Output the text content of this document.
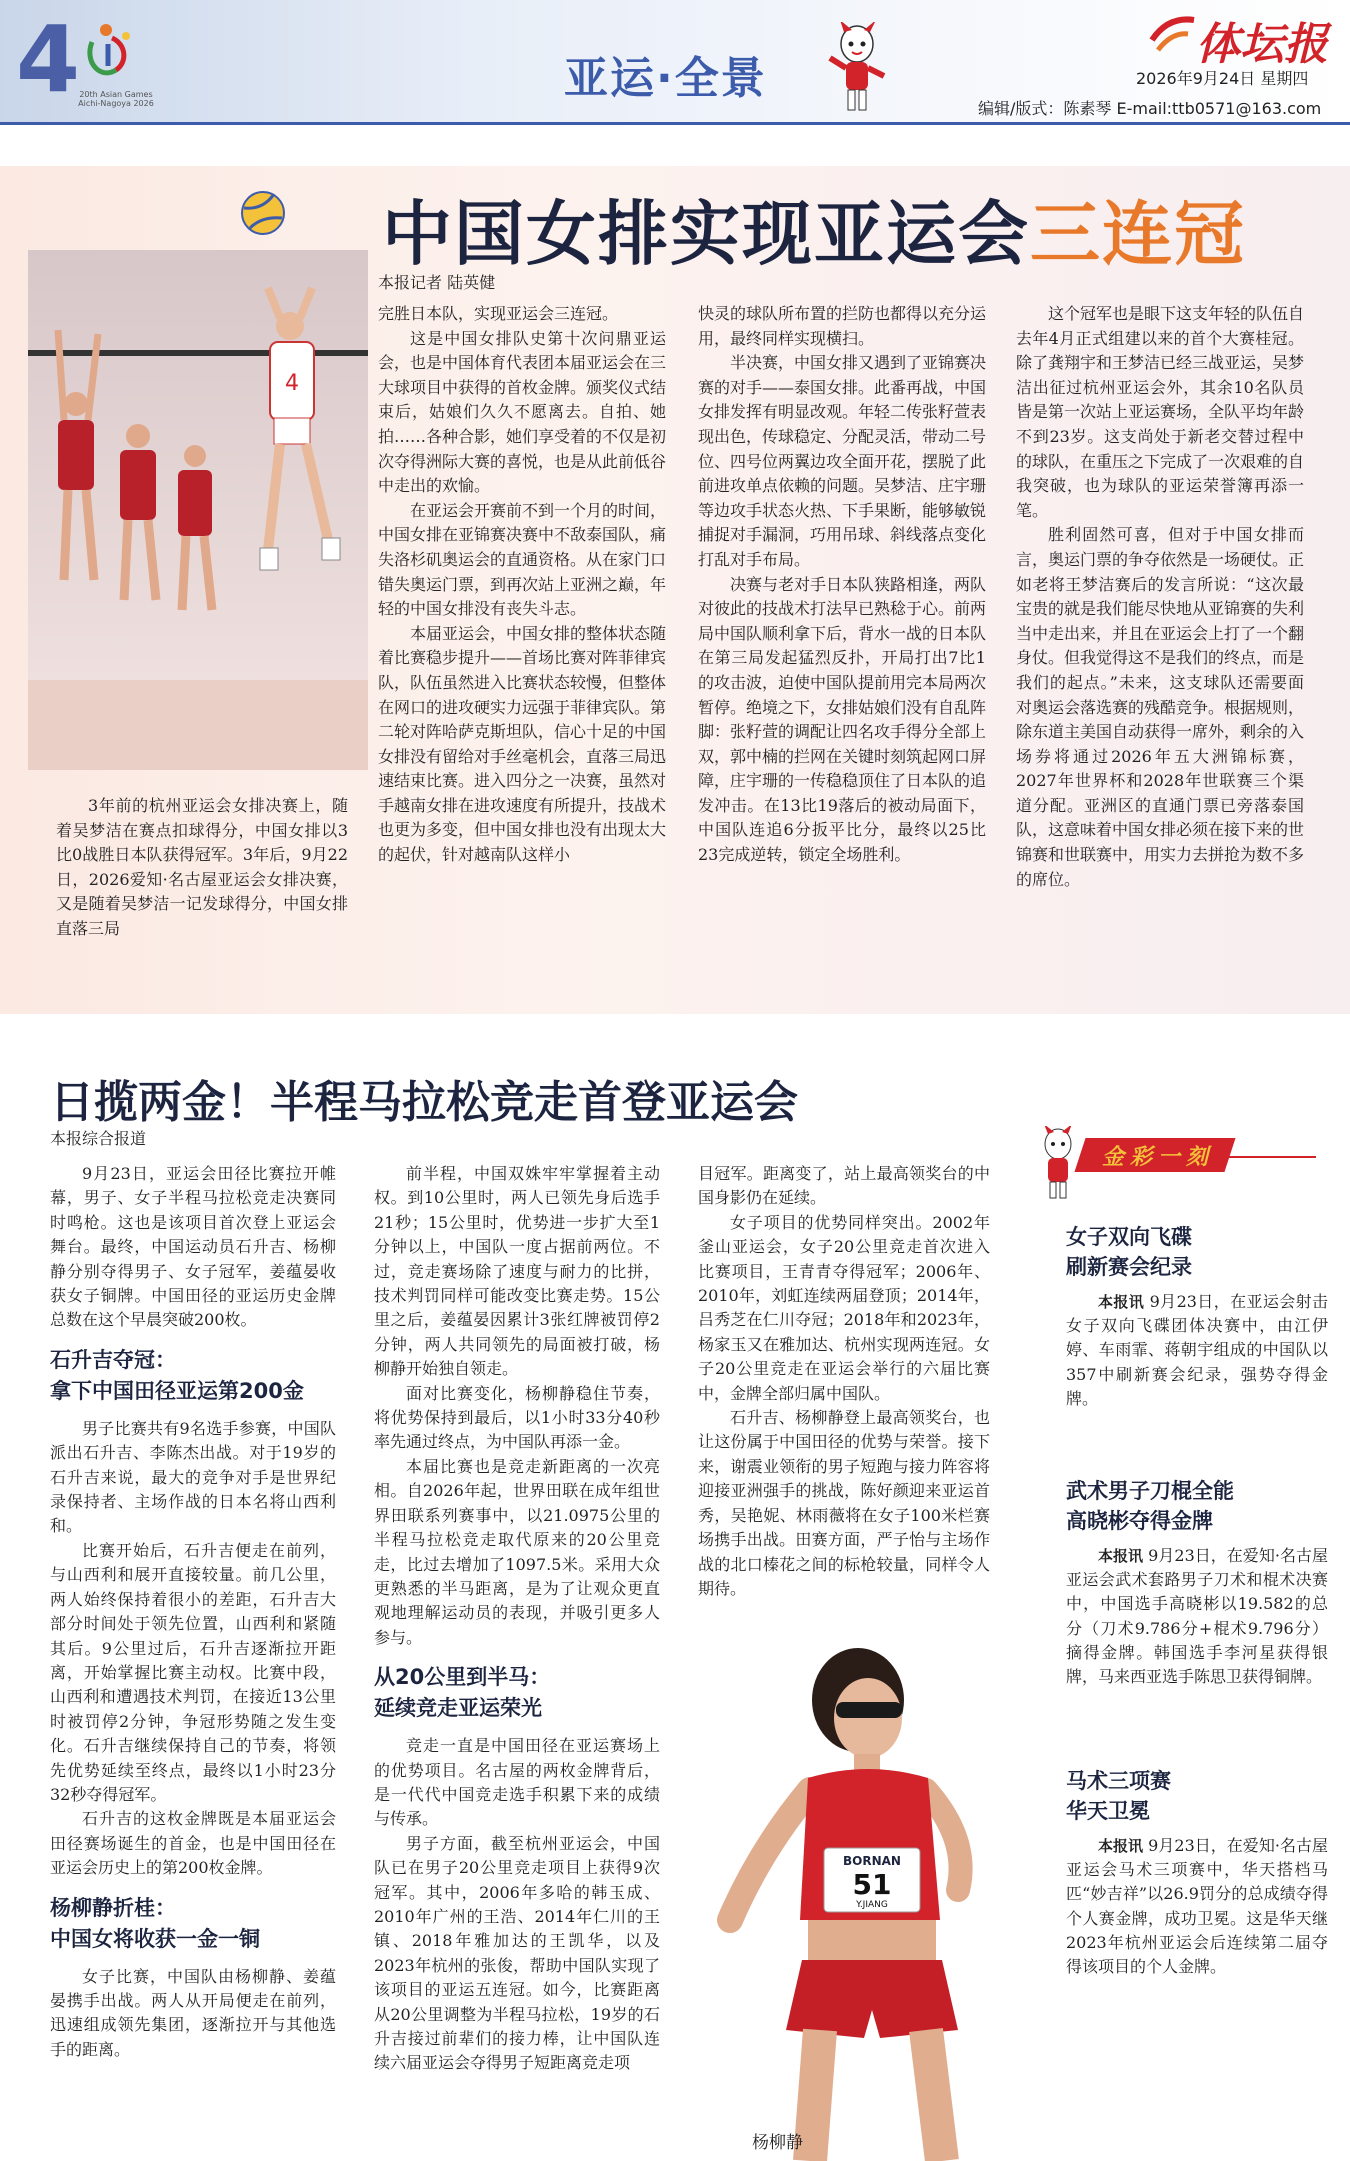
4 20th Asian Games Aichi-Nagoya 2026	亚运·全景
体坛报
2026年9月24日 星期四
编辑/版式：陈素琴 E-mail:ttb0571@163.com
4
中国女排实现亚运会三连冠
本报记者 陆英健

完胜日本队，实现亚运会三连冠。

这是中国女排队史第十次问鼎亚运会，也是中国体育代表团本届亚运会在三大球项目中获得的首枚金牌。颁奖仪式结束后，姑娘们久久不愿离去。自拍、她拍……各种合影，她们享受着的不仅是初次夺得洲际大赛的喜悦，也是从此前低谷中走出的欢愉。

在亚运会开赛前不到一个月的时间，中国女排在亚锦赛决赛中不敌泰国队，痛失洛杉矶奥运会的直通资格。从在家门口错失奥运门票，到再次站上亚洲之巅，年轻的中国女排没有丧失斗志。

本届亚运会，中国女排的整体状态随着比赛稳步提升——首场比赛对阵菲律宾队，队伍虽然进入比赛状态较慢，但整体在网口的进攻硬实力远强于菲律宾队。第二轮对阵哈萨克斯坦队，信心十足的中国女排没有留给对手丝毫机会，直落三局迅速结束比赛。进入四分之一决赛，虽然对手越南女排在进攻速度有所提升，技战术也更为多变，但中国女排也没有出现太大的起伏，针对越南队这样小

快灵的球队所布置的拦防也都得以充分运用，最终同样实现横扫。

半决赛，中国女排又遇到了亚锦赛决赛的对手——泰国女排。此番再战，中国女排发挥有明显改观。年轻二传张籽萱表现出色，传球稳定、分配灵活，带动二号位、四号位两翼边攻全面开花，摆脱了此前进攻单点依赖的问题。吴梦洁、庄宇珊等边攻手状态火热、下手果断，能够敏锐捕捉对手漏洞，巧用吊球、斜线落点变化打乱对手布局。

决赛与老对手日本队狭路相逢，两队对彼此的技战术打法早已熟稔于心。前两局中国队顺利拿下后，背水一战的日本队在第三局发起猛烈反扑，开局打出7比1的攻击波，迫使中国队提前用完本局两次暂停。绝境之下，女排姑娘们没有自乱阵脚：张籽萱的调配让四名攻手得分全部上双，郭中楠的拦网在关键时刻筑起网口屏障，庄宇珊的一传稳稳顶住了日本队的追发冲击。在13比19落后的被动局面下，中国队连追6分扳平比分，最终以25比23完成逆转，锁定全场胜利。

这个冠军也是眼下这支年轻的队伍自去年4月正式组建以来的首个大赛桂冠。除了龚翔宇和王梦洁已经三战亚运，吴梦洁出征过杭州亚运会外，其余10名队员皆是第一次站上亚运赛场，全队平均年龄不到23岁。这支尚处于新老交替过程中的球队，在重压之下完成了一次艰难的自我突破，也为球队的亚运荣誉簿再添一笔。

胜利固然可喜，但对于中国女排而言，奥运门票的争夺依然是一场硬仗。正如老将王梦洁赛后的发言所说：“这次最宝贵的就是我们能尽快地从亚锦赛的失利当中走出来，并且在亚运会上打了一个翻身仗。但我觉得这不是我们的终点，而是我们的起点。”未来，这支球队还需要面对奥运会落选赛的残酷竞争。根据规则，除东道主美国自动获得一席外，剩余的入场券将通过2026年五大洲锦标赛，2027年世界杯和2028年世联赛三个渠道分配。亚洲区的直通门票已旁落泰国队，这意味着中国女排必须在接下来的世锦赛和世联赛中，用实力去拼抢为数不多的席位。

3年前的杭州亚运会女排决赛上，随着吴梦洁在赛点扣球得分，中国女排以3比0战胜日本队获得冠军。3年后，9月22日，2026爱知·名古屋亚运会女排决赛，又是随着吴梦洁一记发球得分，中国女排直落三局
日揽两金！半程马拉松竞走首登亚运会
本报综合报道

9月23日，亚运会田径比赛拉开帷幕，男子、女子半程马拉松竞走决赛同时鸣枪。这也是该项目首次登上亚运会舞台。最终，中国运动员石升吉、杨柳静分别夺得男子、女子冠军，姜蕴晏收获女子铜牌。中国田径的亚运历史金牌总数在这个早晨突破200枚。

石升吉夺冠：
拿下中国田径亚运第200金

男子比赛共有9名选手参赛，中国队派出石升吉、李陈杰出战。对于19岁的石升吉来说，最大的竞争对手是世界纪录保持者、主场作战的日本名将山西利和。

比赛开始后，石升吉便走在前列，与山西利和展开直接较量。前几公里，两人始终保持着很小的差距，石升吉大部分时间处于领先位置，山西利和紧随其后。9公里过后，石升吉逐渐拉开距离，开始掌握比赛主动权。比赛中段，山西利和遭遇技术判罚，在接近13公里时被罚停2分钟，争冠形势随之发生变化。石升吉继续保持自己的节奏，将领先优势延续至终点，最终以1小时23分32秒夺得冠军。

石升吉的这枚金牌既是本届亚运会田径赛场诞生的首金，也是中国田径在亚运会历史上的第200枚金牌。

杨柳静折桂：
中国女将收获一金一铜

女子比赛，中国队由杨柳静、姜蕴晏携手出战。两人从开局便走在前列，迅速组成领先集团，逐渐拉开与其他选手的距离。

前半程，中国双姝牢牢掌握着主动权。到10公里时，两人已领先身后选手21秒；15公里时，优势进一步扩大至1分钟以上，中国队一度占据前两位。不过，竞走赛场除了速度与耐力的比拼，技术判罚同样可能改变比赛走势。15公里之后，姜蕴晏因累计3张红牌被罚停2分钟，两人共同领先的局面被打破，杨柳静开始独自领走。

面对比赛变化，杨柳静稳住节奏，将优势保持到最后，以1小时33分40秒率先通过终点，为中国队再添一金。

本届比赛也是竞走新距离的一次亮相。自2026年起，世界田联在成年组世界田联系列赛事中，以21.0975公里的半程马拉松竞走取代原来的20公里竞走，比过去增加了1097.5米。采用大众更熟悉的半马距离，是为了让观众更直观地理解运动员的表现，并吸引更多人参与。

从20公里到半马：
延续竞走亚运荣光

竞走一直是中国田径在亚运赛场上的优势项目。名古屋的两枚金牌背后，是一代代中国竞走选手积累下来的成绩与传承。

男子方面，截至杭州亚运会，中国队已在男子20公里竞走项目上获得9次冠军。其中，2006年多哈的韩玉成、2010年广州的王浩、2014年仁川的王镇、2018年雅加达的王凯华，以及2023年杭州的张俊，帮助中国队实现了该项目的亚运五连冠。如今，比赛距离从20公里调整为半程马拉松，19岁的石升吉接过前辈们的接力棒，让中国队连续六届亚运会夺得男子短距离竞走项

目冠军。距离变了，站上最高领奖台的中国身影仍在延续。

女子项目的优势同样突出。2002年釜山亚运会，女子20公里竞走首次进入比赛项目，王青青夺得冠军；2006年、2010年，刘虹连续两届登顶；2014年，吕秀芝在仁川夺冠；2018年和2023年，杨家玉又在雅加达、杭州实现两连冠。女子20公里竞走在亚运会举行的六届比赛中，金牌全部归属中国队。

石升吉、杨柳静登上最高领奖台，也让这份属于中国田径的优势与荣誉。接下来，谢震业领衔的男子短跑与接力阵容将迎接亚洲强手的挑战，陈好颜迎来亚运首秀，吴艳妮、林雨薇将在女子100米栏赛场携手出战。田赛方面，严子怡与主场作战的北口榛花之间的标枪较量，同样令人期待。

BORNAN
51
Y.JIANG
杨柳静
金彩一刻
女子双向飞碟
刷新赛会纪录

本报讯 9月23日，在亚运会射击女子双向飞碟团体决赛中，由江伊婷、车雨霏、蒋朝宇组成的中国队以357中刷新赛会纪录，强势夺得金牌。

武术男子刀棍全能
高晓彬夺得金牌

本报讯 9月23日，在爱知·名古屋亚运会武术套路男子刀术和棍术决赛中，中国选手高晓彬以19.582的总分（刀术9.786分+棍术9.796分）摘得金牌。韩国选手李河星获得银牌，马来西亚选手陈思卫获得铜牌。

马术三项赛
华天卫冕

本报讯 9月23日，在爱知·名古屋亚运会马术三项赛中，华天搭档马匹“妙吉祥”以26.9罚分的总成绩夺得个人赛金牌，成功卫冕。这是华天继2023年杭州亚运会后连续第二届夺得该项目的个人金牌。
